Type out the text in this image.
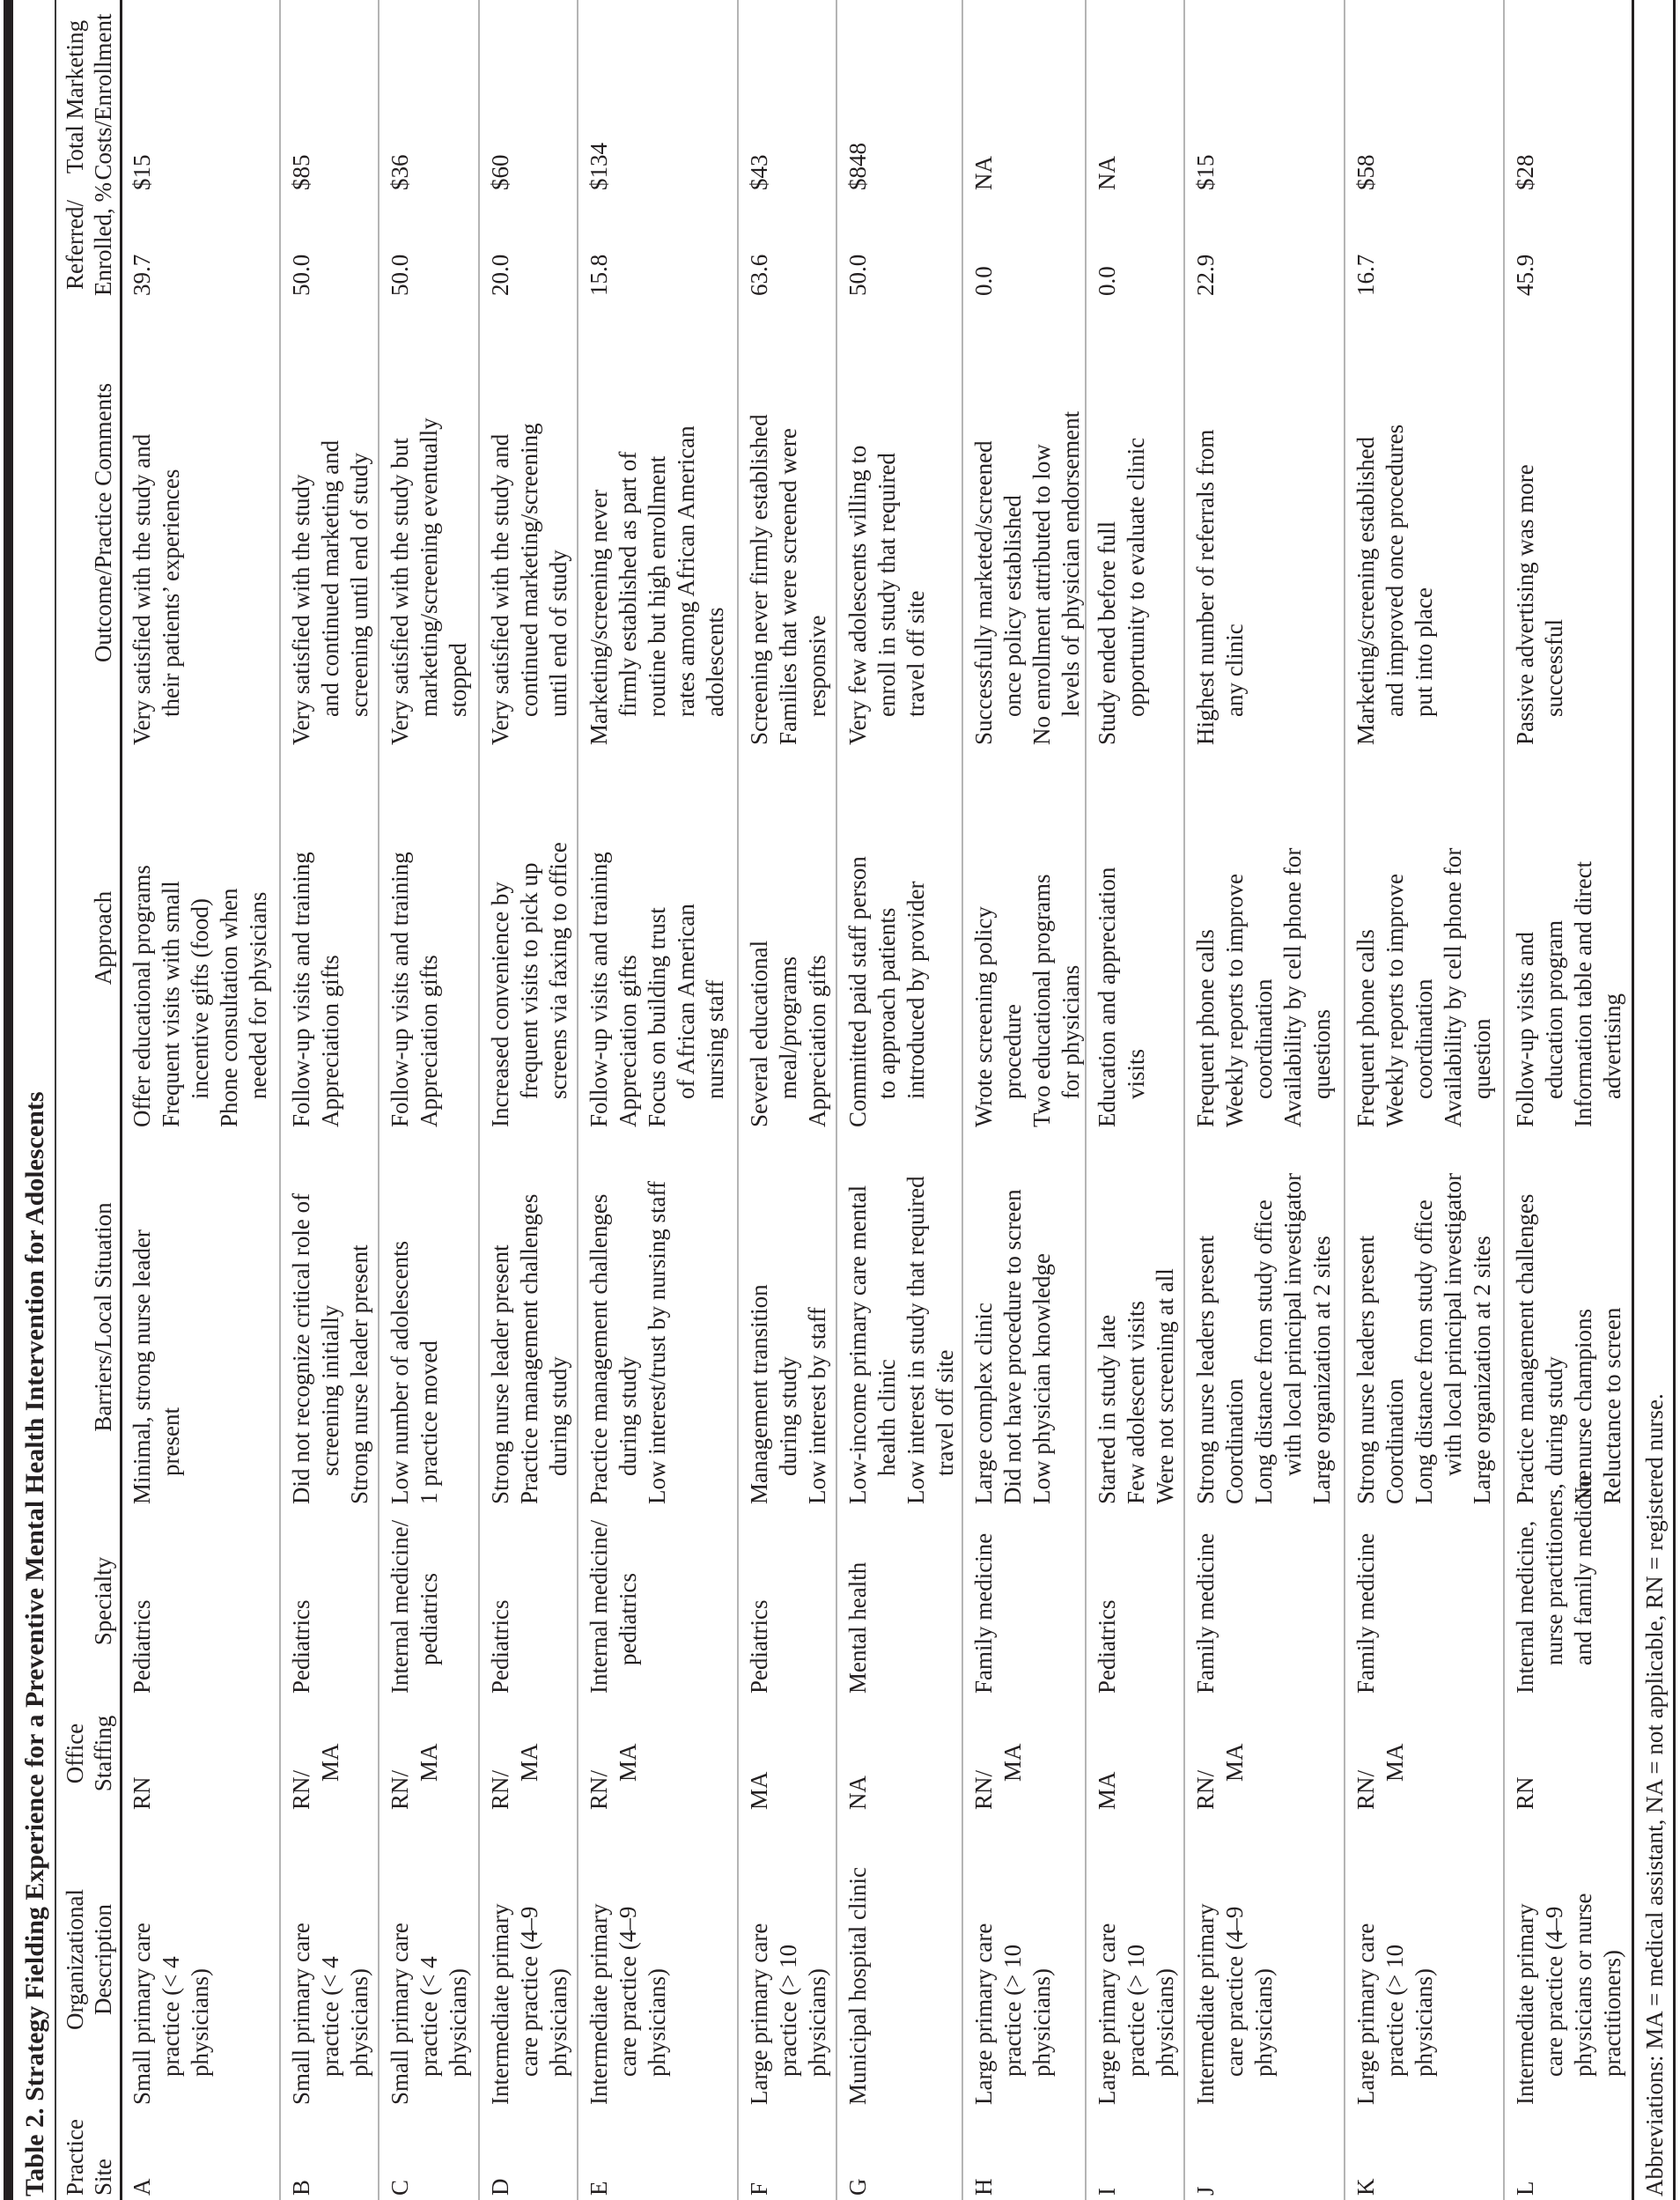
Table 2. Strategy Fielding Experience for a Preventive Mental Health Intervention for Adolescents Practice Site
Organizational Description
Office Staffing
Specialty
Barriers/Local Situation
Approach
Outcome/Practice Comments
Referred/ Enrolled, %
Total Marketing Costs/Enrollment
A
Small primary care practice (< 4 physicians)
RN
Pediatrics
Minimal, strong nurse leader present
Offer educational programs Frequent visits with small incentive gifts (food) Phone consultation when needed for physicians
Very satisfied with the study and their patients’ experiences
39.7
$15
B
Small primary care practice (< 4 physicians)
RN/
MA
Pediatrics
Did not recognize critical role of screening initially Strong nurse leader present
Follow-up visits and training Appreciation gifts
Very satisfied with the study and continued marketing and screening until end of study
50.0
$85
C
Small primary care practice (< 4 physicians)
RN/
MA
Internal medicine/ pediatrics
Low number of adolescents 1 practice moved
Follow-up visits and training Appreciation gifts
Very satisfied with the study but marketing/screening eventually stopped
50.0
$36
D
Intermediate primary care practice (4–9 physicians)
RN/
MA
Pediatrics
Strong nurse leader present Practice management challenges during study
Increased convenience by frequent visits to pick up screens via faxing to office
Very satisfied with the study and continued marketing/screening until end of study
20.0
$60
E
Intermediate primary care practice (4–9 physicians)
RN/
MA
Internal medicine/ pediatrics
Practice management challenges during study Low interest/trust by nursing staff
Follow-up visits and training Appreciation gifts Focus on building trust of African American nursing staff
Marketing/screening never firmly established as part of routine but high enrollment rates among African American adolescents
15.8
$134
F
Large primary care practice (> 10 physicians)
MA
Pediatrics
Management transition during study Low interest by staff
Several educational meal/programs Appreciation gifts
Screening never firmly established Families that were screened were responsive
63.6
$43
G
Municipal hospital clinic
NA
Mental health
Low-income primary care mental health clinic Low interest in study that required travel off site
Committed paid staff person to approach patients introduced by provider
Very few adolescents willing to enroll in study that required travel off site
50.0
$848
H
Large primary care practice (> 10 physicians)
RN/
MA
Family medicine
Large complex clinic Did not have procedure to screen Low physician knowledge
Wrote screening policy procedure Two educational programs for physicians
Successfully marketed/screened once policy established No enrollment attributed to low levels of physician endorsement
0.0
NA
I
Large primary care practice (> 10 physicians)
MA
Pediatrics
Started in study late Few adolescent visits Were not screening at all
Education and appreciation visits
Study ended before full opportunity to evaluate clinic
0.0
NA
J
Intermediate primary care practice (4–9 physicians)
RN/
MA
Family medicine
Strong nurse leaders present Coordination Long distance from study office with local principal investigator Large organization at 2 sites
Frequent phone calls Weekly reports to improve coordination Availability by cell phone for questions
Highest number of referrals from any clinic
22.9
$15
K
Large primary care practice (> 10 physicians)
RN/
MA
Family medicine
Strong nurse leaders present Coordination Long distance from study office with local principal investigator Large organization at 2 sites
Frequent phone calls Weekly reports to improve coordination Availability by cell phone for question
Marketing/screening established and improved once procedures put into place
16.7
$58
L
Intermediate primary care practice (4–9 physicians or nurse practitioners)
RN
Internal medicine, nurse practitioners, and family medicine
Practice management challenges during study No nurse champions Reluctance to screen
Follow-up visits and education program Information table and direct advertising
Passive advertising was more successful
45.9
$28
Abbreviations: MA = medical assistant, NA = not applicable, RN = registered nurse.
